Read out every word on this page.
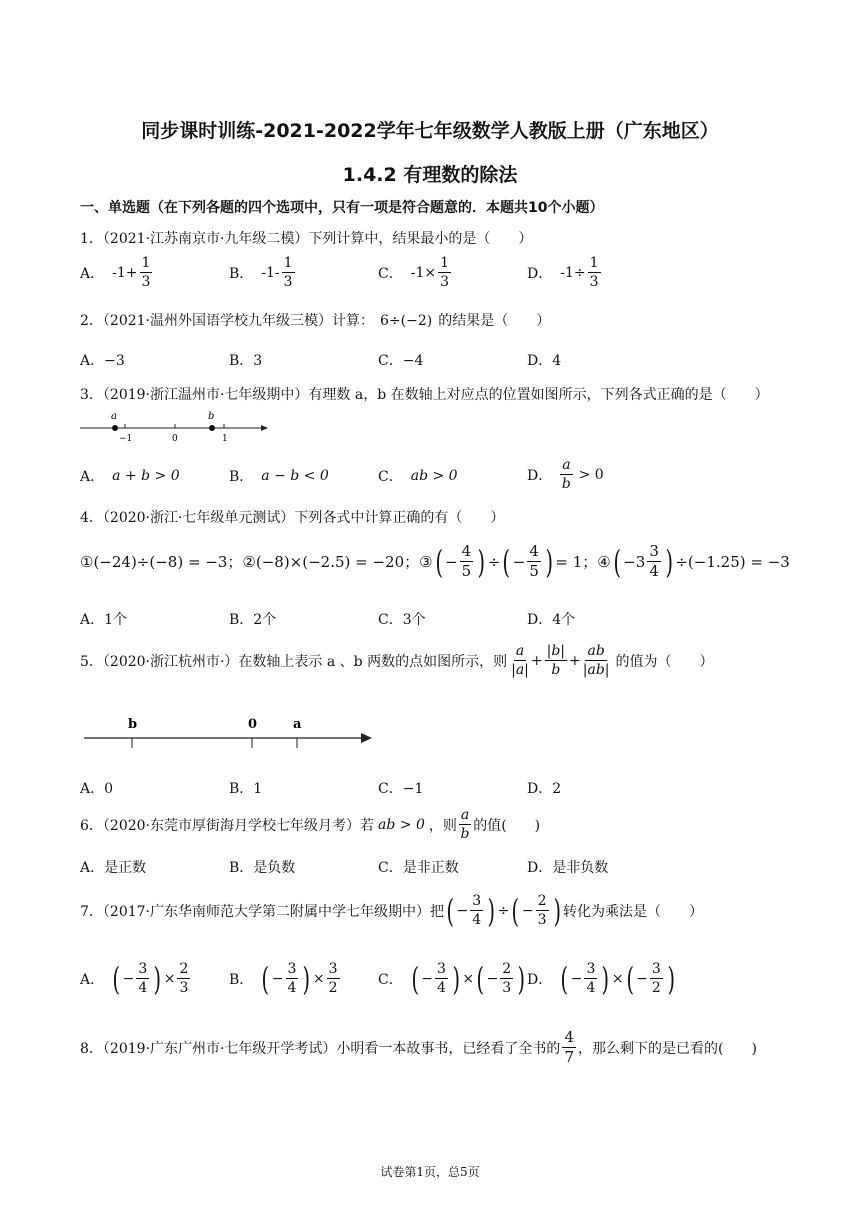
同步课时训练-2021-2022学年七年级数学人教版上册（广东地区）
1.4.2 有理数的除法
一、单选题（在下列各题的四个选项中，只有一项是符合题意的．本题共10个小题）
1．（2021·江苏南京市·九年级二模）下列计算中，结果最小的是（　　）
A． $-1+ \frac{1}{3}$	B． $-1- \frac{1}{3}$	C． $-1\times \frac{1}{3}$	D． $-1\div \frac{1}{3}$
2．（2021·温州外国语学校九年级三模）计算： 6÷(−2) 的结果是（　　）
A．−3	B．3	C．−4	D．4
3．（2019·浙江温州市·七年级期中）有理数 a，b 在数轴上对应点的位置如图所示，下列各式正确的是（　　）
a	b
−1	0	1
A． a + b > 0	B． a − b < 0	C． ab > 0	D． $\frac{a}{b} > 0$
4．（2020·浙江·七年级单元测试）下列各式中计算正确的有（　　）
①(−24)÷(−8) = −3； ②(−8)×(−2.5) = −20； ③ ( − $\frac{4}{5}$ ) ÷ ( − $\frac{4}{5}$ ) = 1； ④ ( $-3 \frac{3}{4}$ ) ÷(−1.25) = −3
A．1个	B．2个	C．3个	D．4个
5．（2020·浙江杭州市·）在数轴上表示 a 、b 两数的点如图所示，则 $\frac{a}{|a|} + \frac{|b|}{b} + \frac{ab}{|ab|}$ 的值为（　　）
b	0	a
A．0	B．1	C．−1	D．2
6．（2020·东莞市厚街海月学校七年级月考）若 ab > 0 ，则 $\frac{a}{b}$ 的值(　　)
A．是正数	B．是负数	C．是非正数	D．是非负数
7．（2017·广东华南师范大学第二附属中学七年级期中）把 ( − $\frac{3}{4}$ ) ÷ ( − $\frac{2}{3}$ ) 转化为乘法是（　　）
A． ( − $\frac{3}{4}$ ) × $\frac{2}{3}$	B． ( − $\frac{3}{4}$ ) × $\frac{3}{2}$	C． ( − $\frac{3}{4}$ ) × ( − $\frac{2}{3}$ ) D． ( − $\frac{3}{4}$ ) × ( − $\frac{3}{2}$ )
8．（2019·广东广州市·七年级开学考试）小明看一本故事书，已经看了全书的 $\frac{4}{7}$ ，那么剩下的是已看的(　　)
试卷第1页，总5页
